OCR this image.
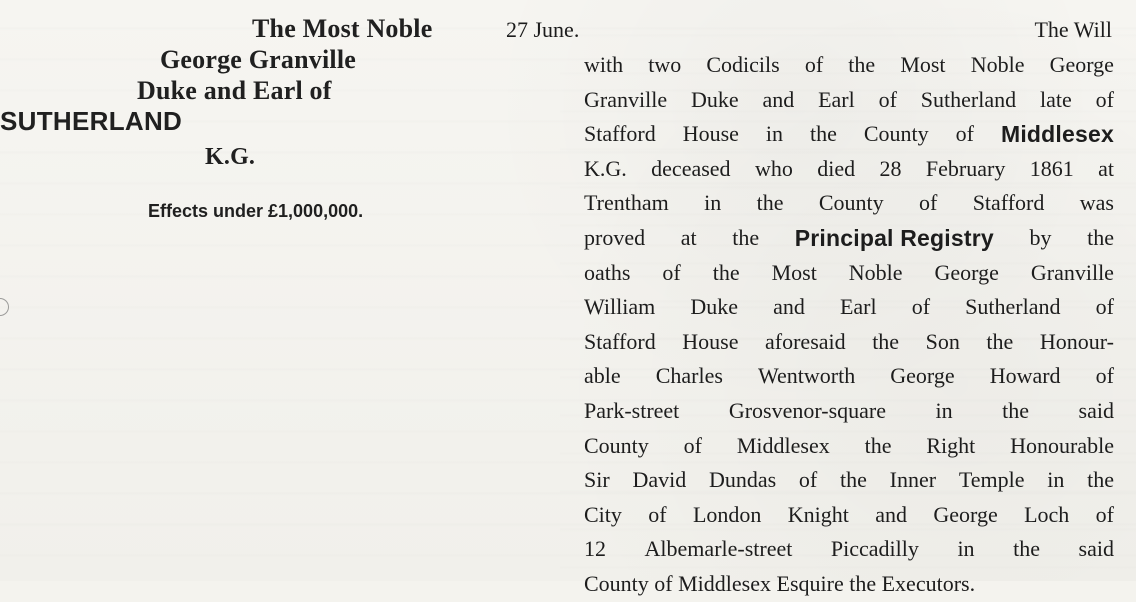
The Most Noble
George Granville
Duke and Earl of
SUTHERLAND
K.G.
Effects under £1,000,000.
27 June.	The Will
with two Codicils of the Most Noble George
Granville Duke and Earl of Sutherland late of
Stafford House in the County of Middlesex
K.G. deceased who died 28 February 1861 at
Trentham in the County of Stafford was
proved at the Principal Registry by the
oaths of the Most Noble George Granville
William Duke and Earl of Sutherland of
Stafford House aforesaid the Son the Honour-
able Charles Wentworth George Howard of
Park-street Grosvenor-square in the said
County of Middlesex the Right Honourable
Sir David Dundas of the Inner Temple in the
City of London Knight and George Loch of
12 Albemarle-street Piccadilly in the said
County
of
Middlesex
Esquire
the
Executors.
